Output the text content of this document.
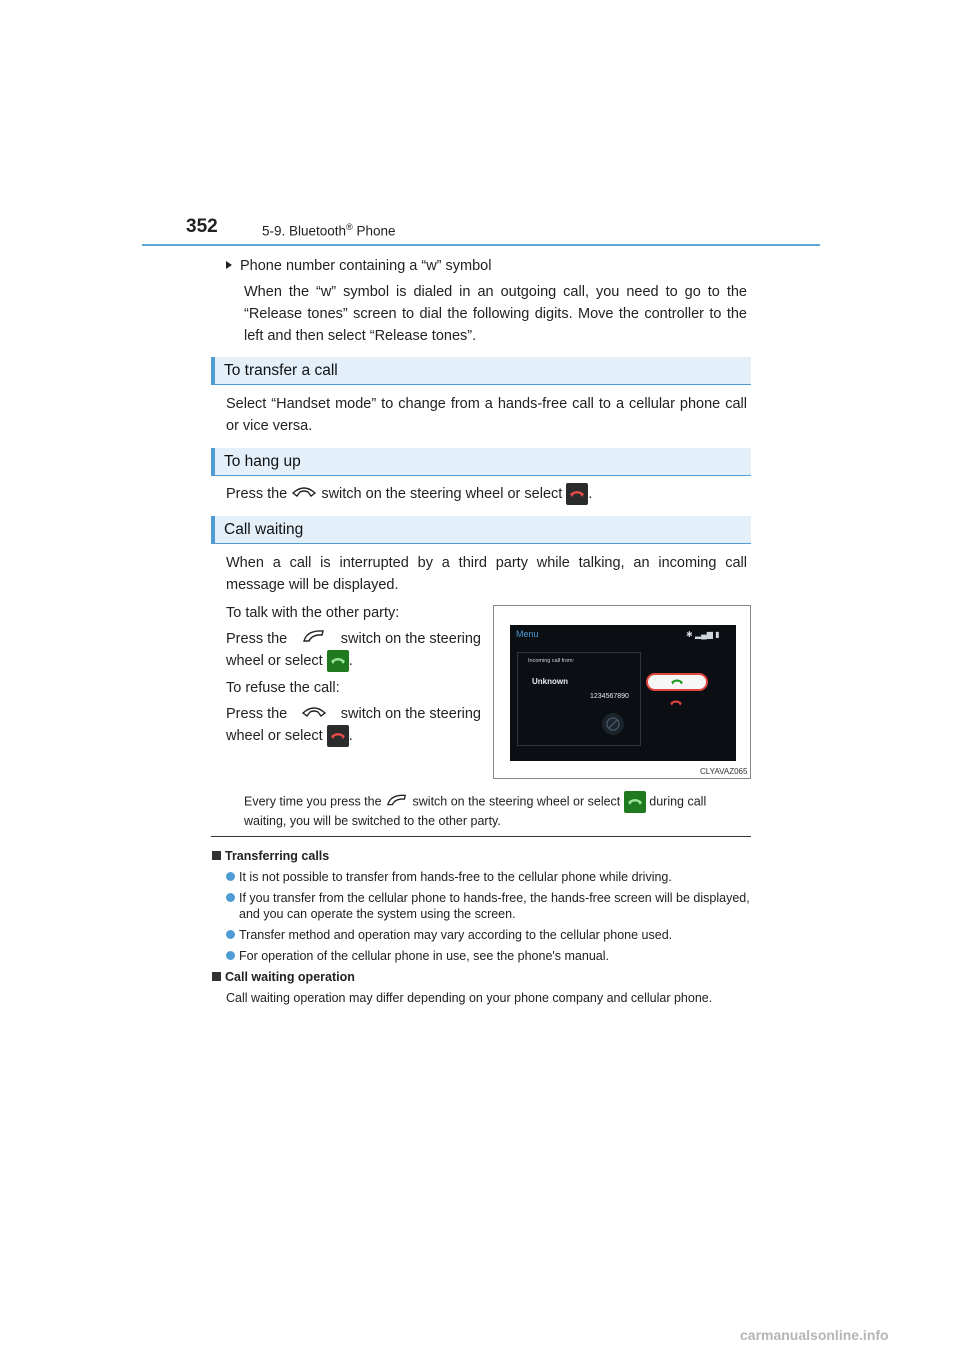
352	5-9. Bluetooth® Phone
Phone number containing a “w” symbol
When the “w” symbol is dialed in an outgoing call, you need to go to the “Release tones” screen to dial the following digits. Move the controller to the left and then select “Release tones”.
To transfer a call
Select “Handset mode” to change from a hands-free call to a cellular phone call or vice versa.
To hang up
Press the switch on the steering wheel or select .
Call waiting
When a call is interrupted by a third party while talking, an incoming call message will be displayed.
To talk with the other party:
Press the	switch on the steering
wheel or select .
To refuse the call:
Press the	switch on the steering
wheel or select .
Menu	✱ ▂▄▆ ▮
Incoming call from:
Unknown
1234567890
CLYAVAZ065
Every time you press the switch on the steering wheel or select during call waiting, you will be switched to the other party.
Transferring calls
It is not possible to transfer from hands-free to the cellular phone while driving.
If you transfer from the cellular phone to hands-free, the hands-free screen will be displayed, and you can operate the system using the screen.
Transfer method and operation may vary according to the cellular phone used.
For operation of the cellular phone in use, see the phone's manual.
Call waiting operation
Call waiting operation may differ depending on your phone company and cellular phone.
carmanualsonline.info
